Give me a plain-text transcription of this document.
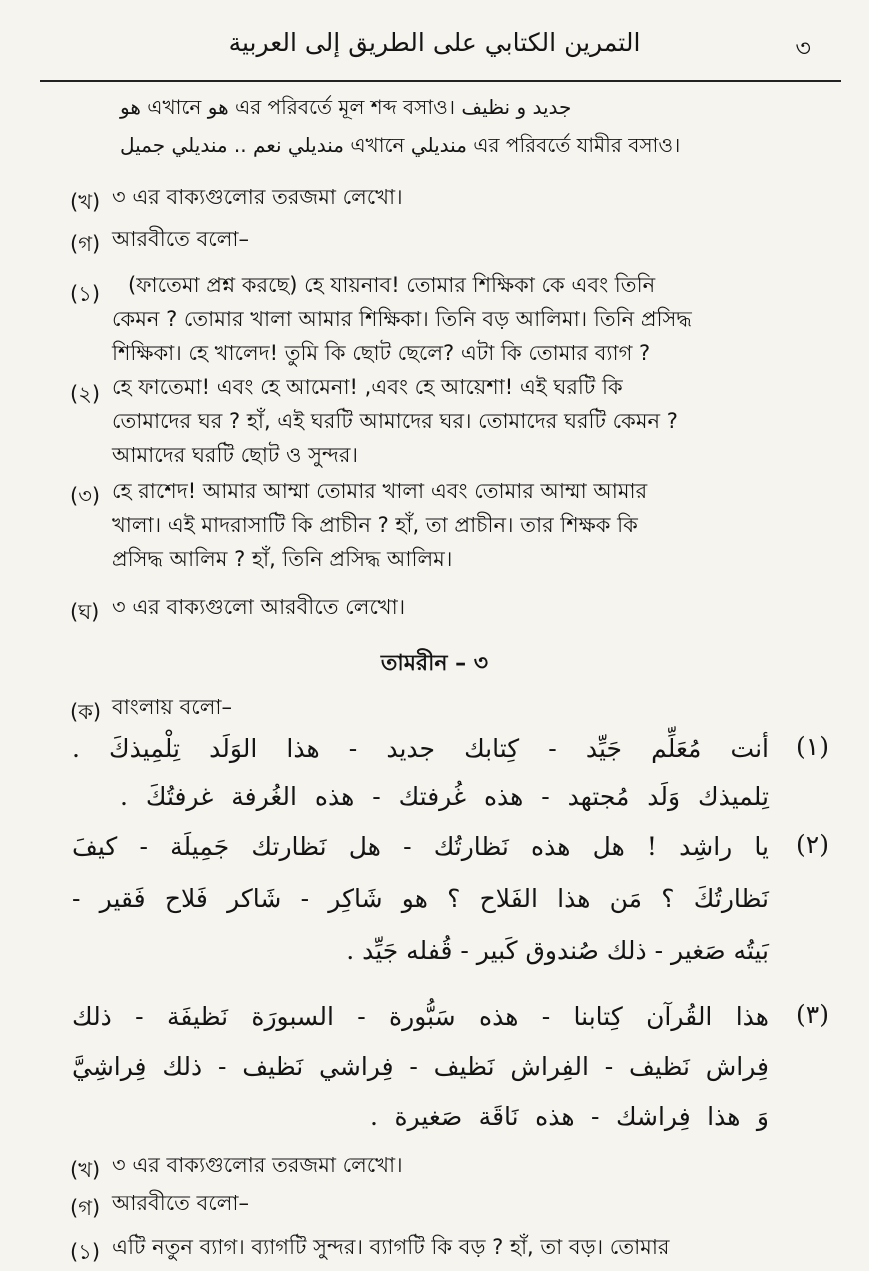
التمرين الكتابي على الطريق إلى العربية	৩
هو এখানে هو এর পরিবর্তে মূল শব্দ বসাও। جديد و نظيف
مندیلي نعم .. مندیلي جميل এখানে مندیلي এর পরিবর্তে যামীর বসাও।
(খ) ৩ এর বাক্যগুলোর তরজমা লেখো।
(গ) আরবীতে বলো–
(১) (ফাতেমা প্রশ্ন করছে) হে যায়নাব! তোমার শিক্ষিকা কে এবং তিনি
কেমন ? তোমার খালা আমার শিক্ষিকা। তিনি বড় আলিমা। তিনি প্রসিদ্ধ
শিক্ষিকা। হে খালেদ! তুমি কি ছোট ছেলে? এটা কি তোমার ব্যাগ ?
(২) হে ফাতেমা! এবং হে আমেনা! ,এবং হে আয়েশা! এই ঘরটি কি
তোমাদের ঘর ? হাঁ, এই ঘরটি আমাদের ঘর। তোমাদের ঘরটি কেমন ?
আমাদের ঘরটি ছোট ও সুন্দর।
(৩) হে রাশেদ! আমার আম্মা তোমার খালা এবং তোমার আম্মা আমার
খালা। এই মাদরাসাটি কি প্রাচীন ? হাঁ, তা প্রাচীন। তার শিক্ষক কি
প্রসিদ্ধ আলিম ? হাঁ, তিনি প্রসিদ্ধ আলিম।
(ঘ) ৩ এর বাক্যগুলো আরবীতে লেখো।
তামরীন – ৩
(ক) বাংলায় বলো–
(١)
أنت مُعَلِّم جَيِّد - كِتابك جديد - هذا الوَلَد تِلْمِيذكَ .
تِلميذك وَلَد مُجتهد - هذه غُرفتك - هذه الغُرفة غرفتُكَ .
(٢)
يا راشِد ! هل هذه نَظارتُك - هل نَظارتك جَمِيلَة - كيفَ
نَظارتُكَ ؟ مَن هذا الفَلاح ؟ هو شَاكِر - شَاكر فَلاح فَقير -
بَيتُه صَغير - ذلك صُندوق كَبير - قُفله جَيِّد .
(٣)
هذا القُرآن كِتابنا - هذه سَبُّورة - السبورَة نَظيفَة - ذلك
فِراش نَظيف - الفِراش نَظيف - فِراشي نَظيف - ذلك فِراشِيَّ
وَ هذا فِراشك - هذه نَاقَة صَغيرة .
(খ) ৩ এর বাক্যগুলোর তরজমা লেখো।
(গ) আরবীতে বলো–
(১) এটি নতুন ব্যাগ। ব্যাগটি সুন্দর। ব্যাগটি কি বড় ? হাঁ, তা বড়। তোমার
